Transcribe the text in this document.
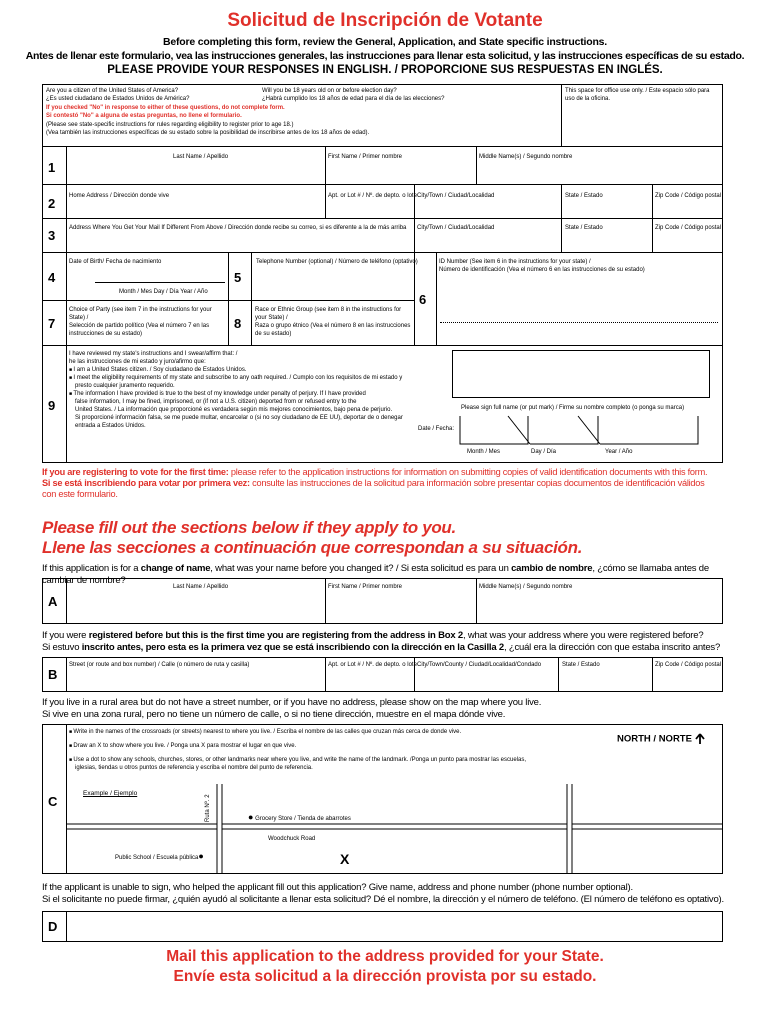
Solicitud de Inscripción de Votante
Before completing this form, review the General, Application, and State specific instructions.
Antes de llenar este formulario, vea las instrucciones generales, las instrucciones para llenar esta solicitud, y las instrucciones específicas de su estado.
PLEASE PROVIDE YOUR RESPONSES IN ENGLISH. / PROPORCIONE SUS RESPUESTAS EN INGLÉS.
Are you a citizen of the United States of America?
¿Es usted ciudadano de Estados Unidos de América?
Will you be 18 years old on or before election day?
¿Habrá cumplido los 18 años de edad para el día de las elecciones?
If you checked "No" in response to either of these questions, do not complete form.
Si contestó "No" a alguna de estas preguntas, no llene el formulario.
(Please see state-specific instructions for rules regarding eligibility to register prior to age 18.)
(Vea también las instrucciones específicas de su estado sobre la posibilidad de inscribirse antes de los 18 años de edad).
This space for office use only. / Este espacio sólo para uso de la oficina.
1
Last Name / Apellido	First Name / Primer nombre	Middle Name(s) / Segundo nombre
2 Home Address / Dirección donde vive	Apt. or Lot # / Nº. de depto. o lote City/Town / Ciudad/Localidad	State / Estado	Zip Code / Código postal
3 Address Where You Get Your Mail If Different From Above / Dirección donde recibe su correo, si es diferente a la de más arriba	City/Town / Ciudad/Localidad	State / Estado	Zip Code / Código postal
4
Date of Birth/ Fecha de nacimiento
Month / Mes Day / Día Year / Año
5
Telephone Number (optional) / Número de teléfono (optativo)
6
ID Number (See item 6 in the instructions for your state) /
Número de identificación (Vea el número 6 en las instrucciones de su estado)
7
Choice of Party (see item 7 in the instructions for your State) /
Selección de partido político (Vea el número 7 en las instrucciones de su estado)
8
Race or Ethnic Group (see item 8 in the instructions for your State) /
Raza o grupo étnico (Vea el número 8 en las instrucciones de su estado)
9
I have reviewed my state's instructions and I swear/affirm that: /
he las instrucciones de mi estado y juro/afirmo que:
■ I am a United States citizen. / Soy ciudadano de Estados Unidos.
■ I meet the eligibility requirements of my state and subscribe to any oath required. / Cumplo con los requisitos de mi estado y
presto cualquier juramento requerido.
■ The information I have provided is true to the best of my knowledge under penalty of perjury. If I have provided
false information, I may be fined, imprisoned, or (if not a U.S. citizen) deported from or refused entry to the
United States. / La información que proporcioné es verdadera según mis mejores conocimientos, bajo pena de perjurio.
Si proporcioné información falsa, se me puede multar, encarcelar o (si no soy ciudadano de EE UU), deportar de o denegar
entrada a Estados Unidos.
Please sign full name (or put mark) / Firme su nombre completo (o ponga su marca)
Date / Fecha:
Month / Mes	Day / Día	Year / Año
If you are registering to vote for the first time: please refer to the application instructions for information on submitting copies of valid identification documents with this form.
Si se está inscribiendo para votar por primera vez: consulte las instrucciones de la solicitud para información sobre presentar copias documentos de identificación válidos
con este formulario.
Please fill out the sections below if they apply to you.
Llene las secciones a continuación que correspondan a su situación.
If this application is for a change of name, what was your name before you changed it? / Si esta solicitud es para un cambio de nombre, ¿cómo se llamaba antes de cambiar de nombre?
A
Last Name / Apellido	First Name / Primer nombre	Middle Name(s) / Segundo nombre
If you were registered before but this is the first time you are registering from the address in Box 2, what was your address where you were registered before?
Si estuvo inscrito antes, pero esta es la primera vez que se está inscribiendo con la dirección en la Casilla 2, ¿cuál era la dirección con que estaba inscrito antes?
B
Street (or route and box number) / Calle (o número de ruta y casilla)	Apt. or Lot # / Nº. de depto. o lote City/Town/County / Ciudad/Localidad/Condado	State / Estado	Zip Code / Código postal
If you live in a rural area but do not have a street number, or if you have no address, please show on the map where you live.
Si vive en una zona rural, pero no tiene un número de calle, o si no tiene dirección, muestre en el mapa dónde vive.
C
■ Write in the names of the crossroads (or streets) nearest to where you live. / Escriba el nombre de las calles que cruzan más cerca de donde vive.
■ Draw an X to show where you live. / Ponga una X para mostrar el lugar en que vive.
■ Use a dot to show any schools, churches, stores, or other landmarks near where you live, and write the name of the landmark. /Ponga un punto para mostrar las escuelas,
iglesias, tiendas u otros puntos de referencia y escriba el nombre del punto de referencia.
NORTH / NORTE
Example / Ejemplo
Ruta Nº. 2	● Grocery Store / Tienda de abarrotes
Woodchuck Road
Public School / Escuela pública●	X
If the applicant is unable to sign, who helped the applicant fill out this application? Give name, address and phone number (phone number optional).
Si el solicitante no puede firmar, ¿quién ayudó al solicitante a llenar esta solicitud? Dé el nombre, la dirección y el número de teléfono. (El número de teléfono es optativo).
D
Mail this application to the address provided for your State.
Envíe esta solicitud a la dirección provista por su estado.
